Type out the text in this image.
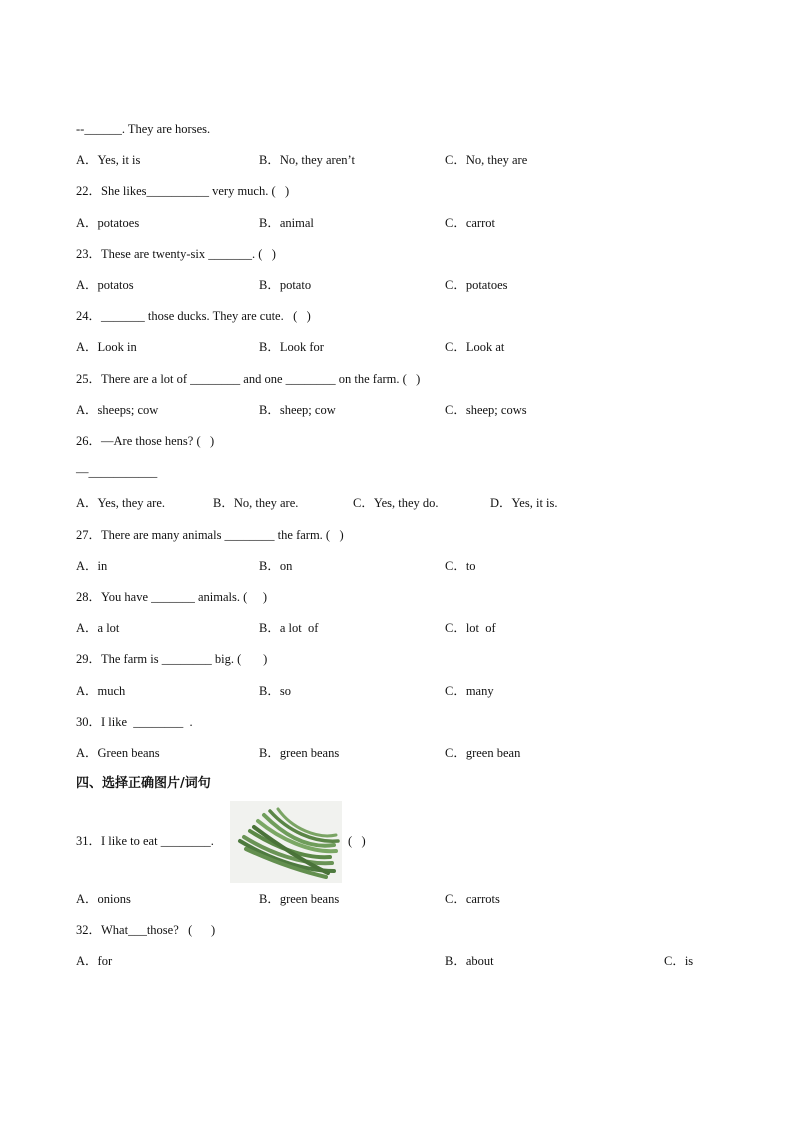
--______. They are horses.
A．Yes, it is	B．No, they aren’t	C．No, they are
22．She likes__________ very much. (   )
A．potatoes	B．animal	C．carrot
23．These are twenty-six _______. (   )
A．potatos	B．potato	C．potatoes
24．_______ those ducks. They are cute.   (   )
A．Look in	B．Look for	C．Look at
25．There are a lot of ________ and one ________ on the farm. (   )
A．sheeps; cow	B．sheep; cow	C．sheep; cows
26．—Are those hens? (   )
—___________
A．Yes, they are.	B．No, they are.	C．Yes, they do.	D．Yes, it is.
27．There are many animals ________ the farm. (   )
A．in	B．on	C．to
28．You have _______ animals. (     )
A．a lot	B．a lot  of	C．lot  of
29．The farm is ________ big. (       )
A．much	B．so	C．many
30．I like  ________  .
A．Green beans	B．green beans	C．green bean
四、选择正确图片/词句
31．I like to eat ________.	(   )
A．onions	B．green beans	C．carrots
32．What___those?   (      )
A．for	B．about	C．is
